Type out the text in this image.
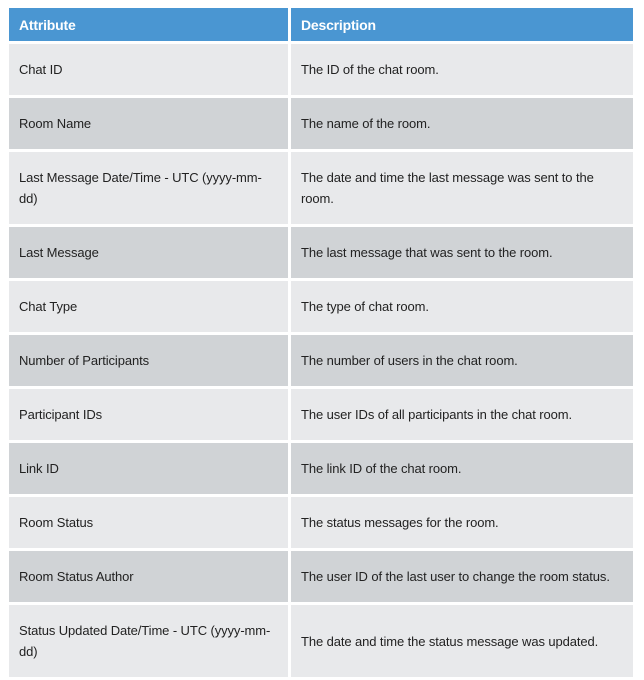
Attribute	Description
Chat ID	The ID of the chat room.
Room Name	The name of the room.
Last Message Date/Time - UTC (yyyy-mm-dd)	The date and time the last message was sent to the room.
Last Message	The last message that was sent to the room.
Chat Type	The type of chat room.
Number of Participants	The number of users in the chat room.
Participant IDs	The user IDs of all participants in the chat room.
Link ID	The link ID of the chat room.
Room Status	The status messages for the room.
Room Status Author	The user ID of the last user to change the room status.
Status Updated Date/Time - UTC (yyyy-mm-dd)	The date and time the status message was updated.
